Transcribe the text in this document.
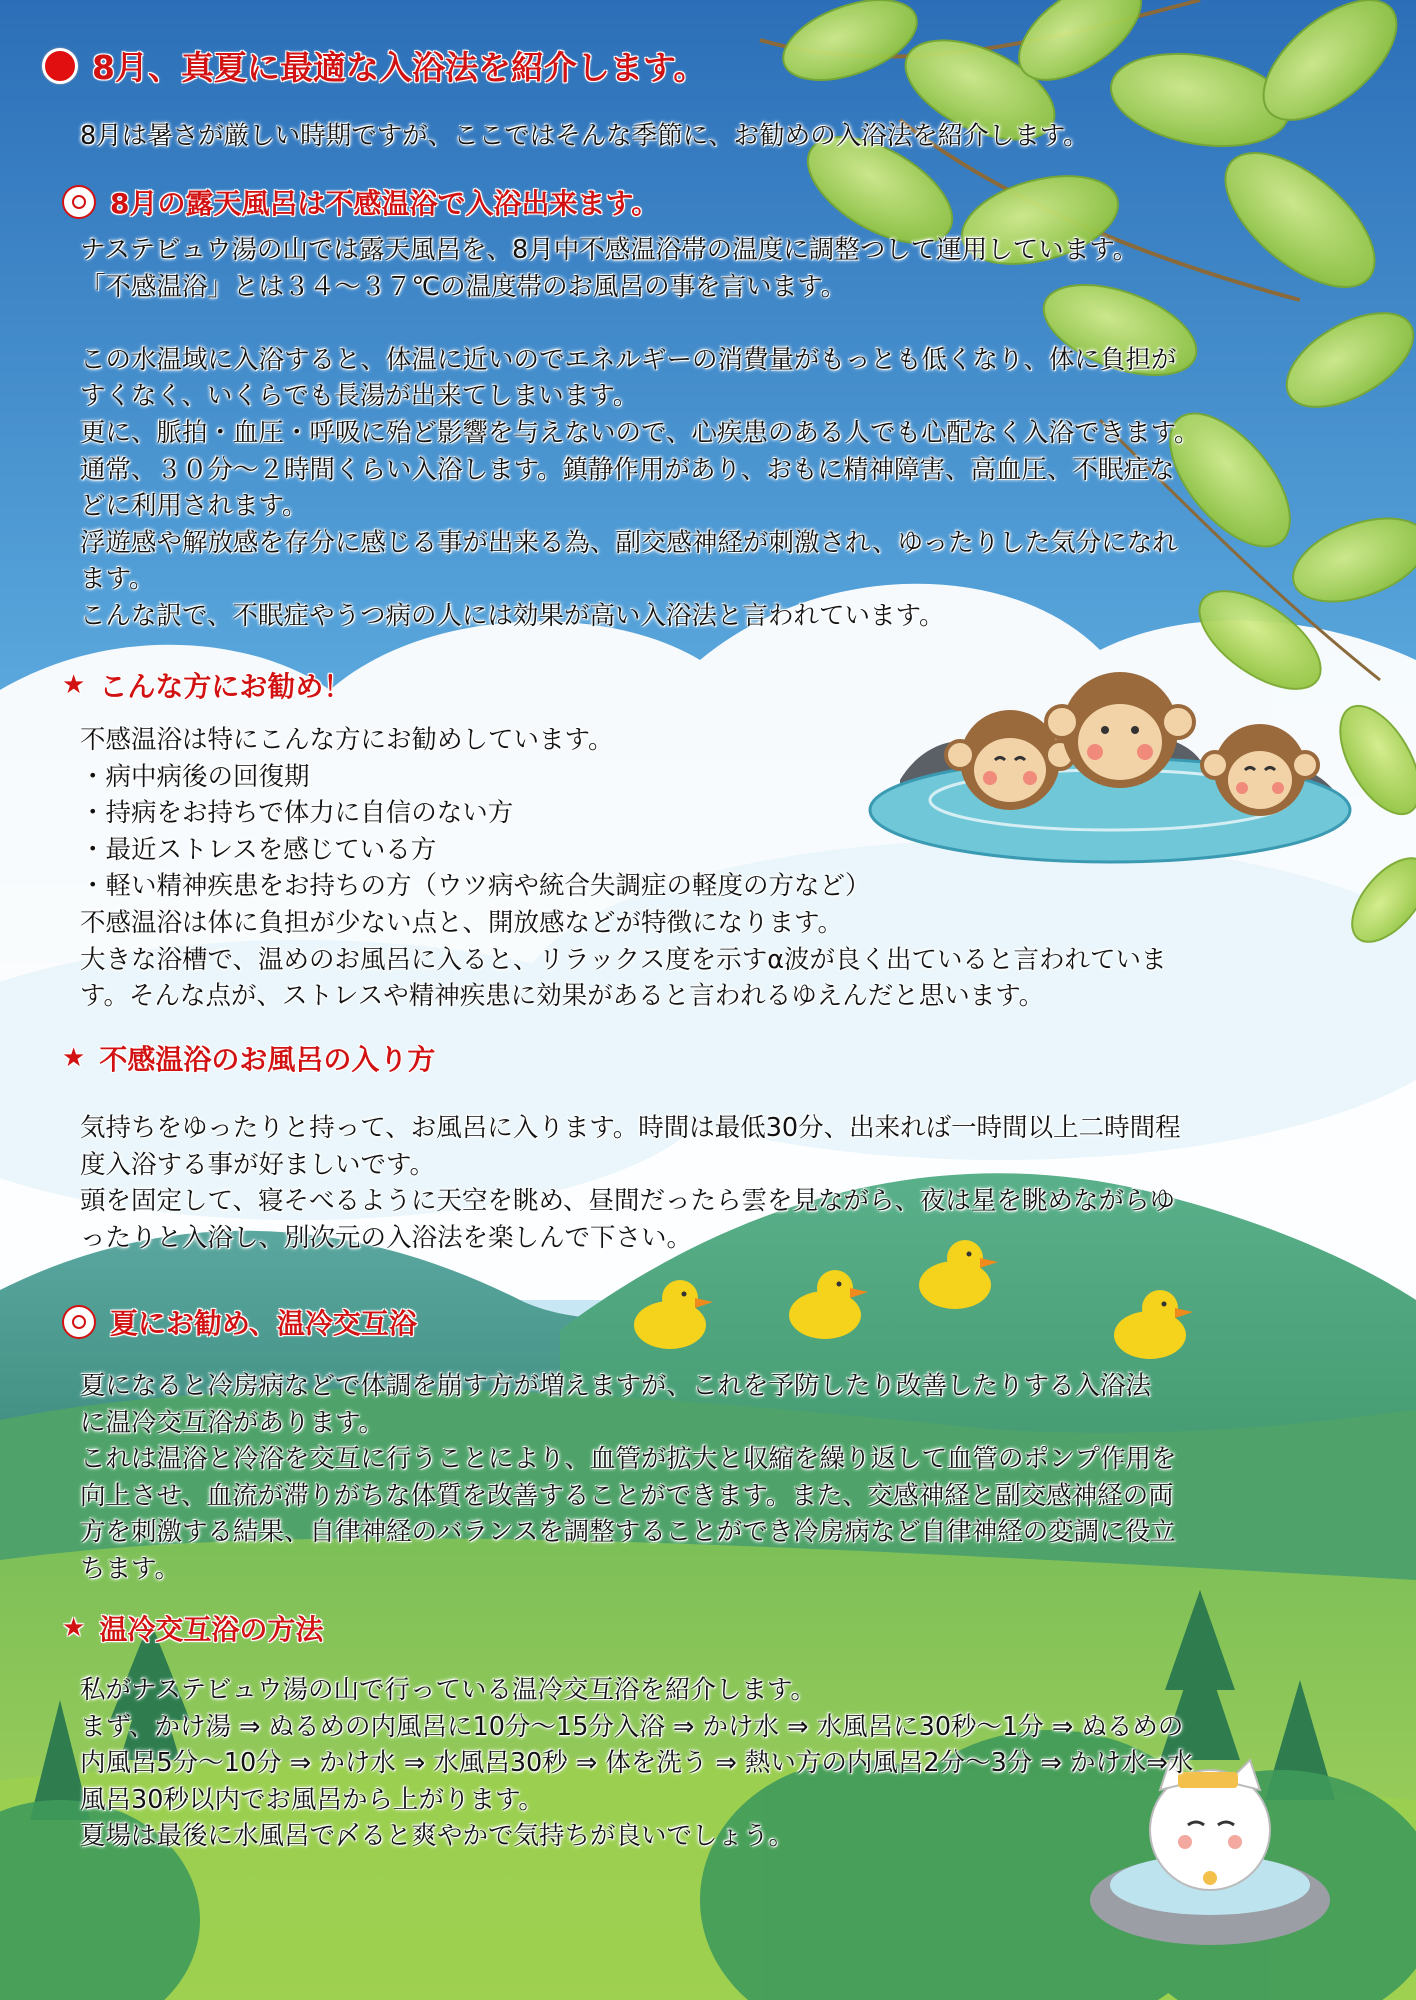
8月、真夏に最適な入浴法を紹介します。

8月は暑さが厳しい時期ですが、ここではそんな季節に、お勧めの入浴法を紹介します。

8月の露天風呂は不感温浴で入浴出来ます。

ナステビュウ湯の山では露天風呂を、8月中不感温浴帯の温度に調整つして運用しています。

「不感温浴」とは３４～３７℃の温度帯のお風呂の事を言います。

この水温域に入浴すると、体温に近いのでエネルギーの消費量がもっとも低くなり、体に負担が

すくなく、いくらでも長湯が出来てしまいます。

更に、脈拍・血圧・呼吸に殆ど影響を与えないので、心疾患のある人でも心配なく入浴できます。

通常、３０分～２時間くらい入浴します。鎮静作用があり、おもに精神障害、高血圧、不眠症な

どに利用されます。

浮遊感や解放感を存分に感じる事が出来る為、副交感神経が刺激され、ゆったりした気分になれ

ます。

こんな訳で、不眠症やうつ病の人には効果が高い入浴法と言われています。

★ こんな方にお勧め！

不感温浴は特にこんな方にお勧めしています。

・病中病後の回復期

・持病をお持ちで体力に自信のない方

・最近ストレスを感じている方

・軽い精神疾患をお持ちの方（ウツ病や統合失調症の軽度の方など）

不感温浴は体に負担が少ない点と、開放感などが特徴になります。

大きな浴槽で、温めのお風呂に入ると、リラックス度を示すα波が良く出ていると言われていま

す。そんな点が、ストレスや精神疾患に効果があると言われるゆえんだと思います。

★ 不感温浴のお風呂の入り方

気持ちをゆったりと持って、お風呂に入ります。時間は最低30分、出来れば一時間以上二時間程

度入浴する事が好ましいです。

頭を固定して、寝そべるように天空を眺め、昼間だったら雲を見ながら、夜は星を眺めながらゆ

ったりと入浴し、別次元の入浴法を楽しんで下さい。

夏にお勧め、温冷交互浴

夏になると冷房病などで体調を崩す方が増えますが、これを予防したり改善したりする入浴法

に温冷交互浴があります。

これは温浴と冷浴を交互に行うことにより、血管が拡大と収縮を繰り返して血管のポンプ作用を

向上させ、血流が滞りがちな体質を改善することができます。また、交感神経と副交感神経の両

方を刺激する結果、自律神経のバランスを調整することができ冷房病など自律神経の変調に役立

ちます。

★ 温冷交互浴の方法

私がナステビュウ湯の山で行っている温冷交互浴を紹介します。

まず、かけ湯 ⇒ ぬるめの内風呂に10分～15分入浴 ⇒ かけ水 ⇒ 水風呂に30秒～1分 ⇒ ぬるめの

内風呂5分～10分 ⇒ かけ水 ⇒ 水風呂30秒 ⇒ 体を洗う ⇒ 熱い方の内風呂2分～3分 ⇒ かけ水⇒水

風呂30秒以内でお風呂から上がります。

夏場は最後に水風呂で〆ると爽やかで気持ちが良いでしょう。
